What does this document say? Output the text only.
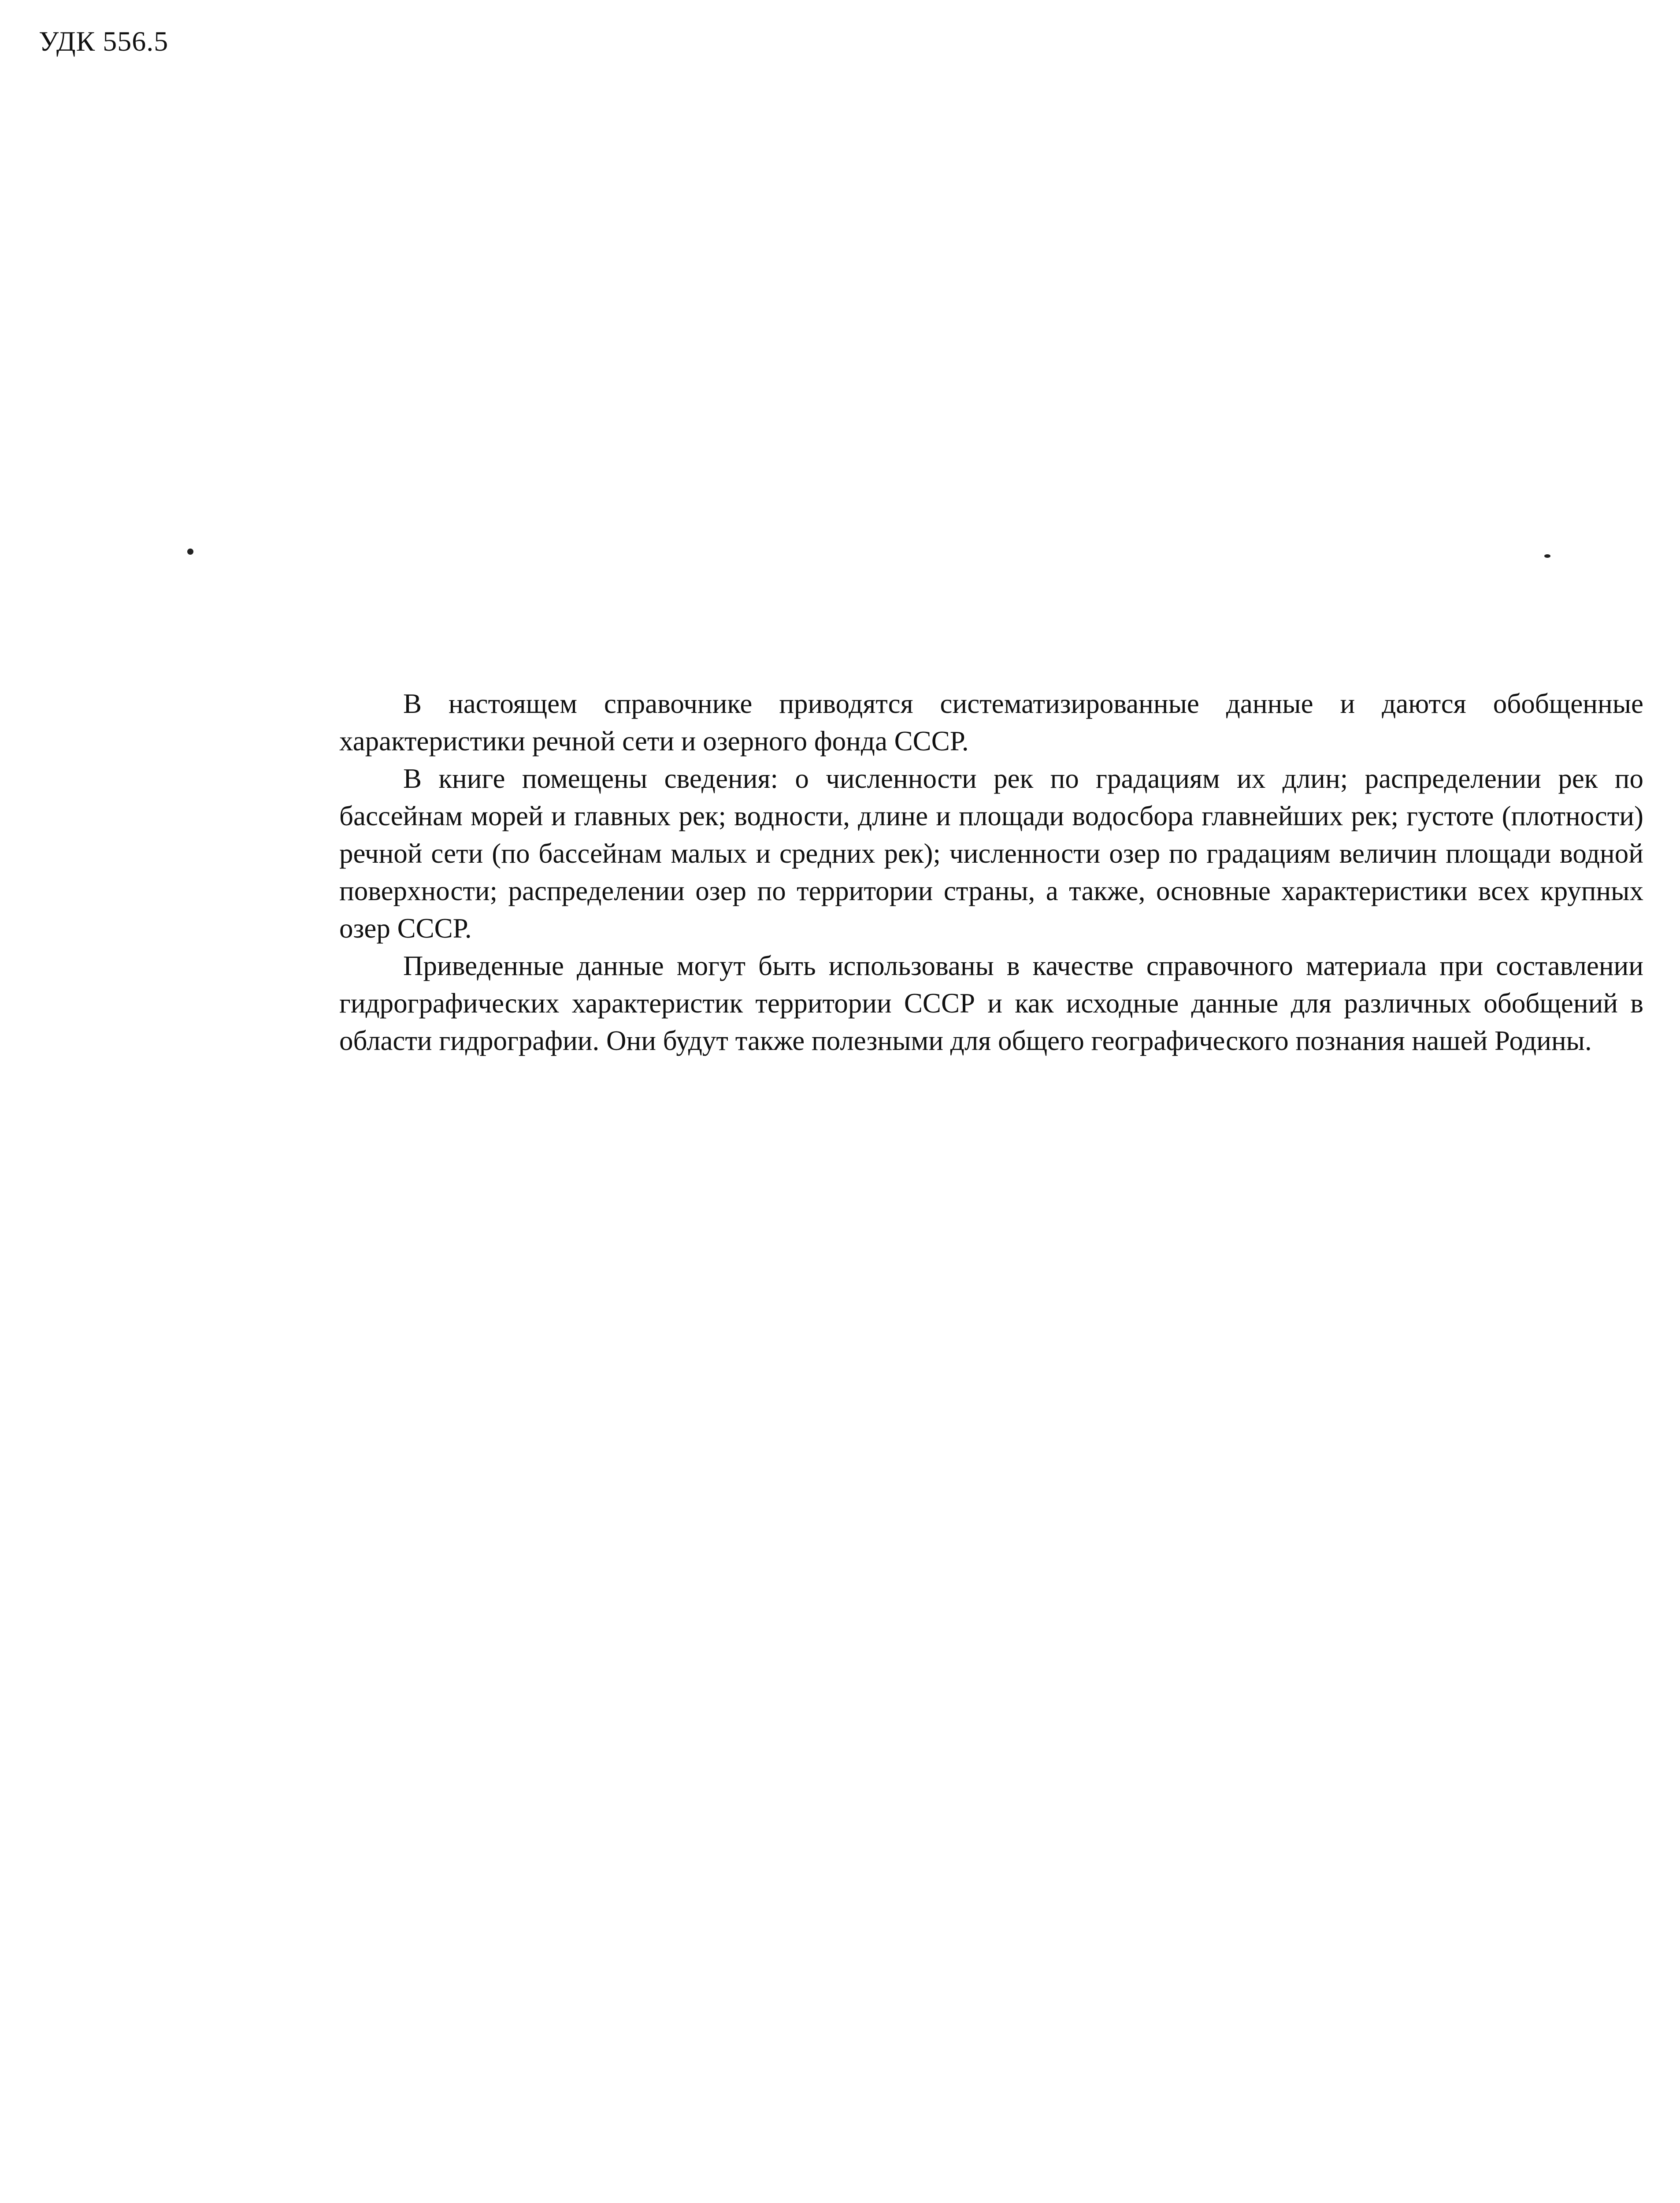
УДК 556.5

В настоящем справочнике приводятся систематизированные данные и даются обобщенные характеристики речной сети и озерного фонда СССР.

В книге помещены сведения: о численности рек по градациям их длин; распределении рек по бассейнам морей и главных рек; водности, длине и площади водосбора главнейших рек; густоте (плотности) речной сети (по бассейнам малых и средних рек); численности озер по градациям величин площади водной поверхности; распределении озер по территории страны, а также, основные характеристики всех крупных озер СССР.

Приведенные данные могут быть использованы в качестве справочного материала при составлении гидрографических характеристик территории СССР и как исходные данные для различных обобщений в области гидрографии. Они будут также полезными для общего географического познания нашей Родины.
